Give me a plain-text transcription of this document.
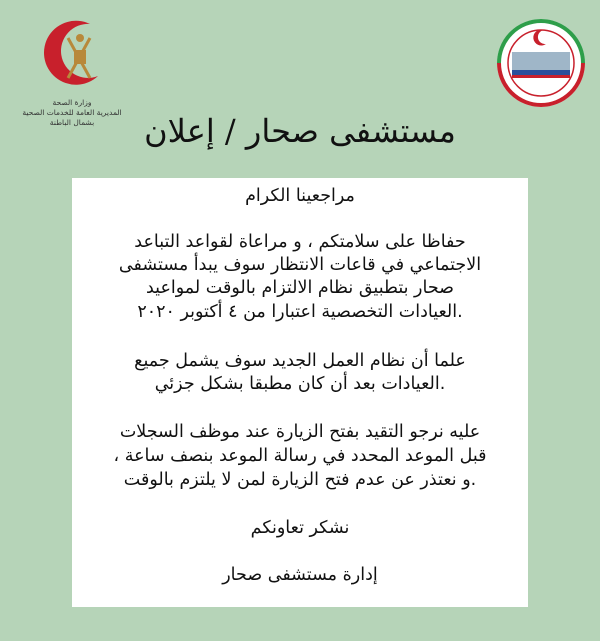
وزارة الصحة
المديرية العامة للخدمات الصحية
بشمال الباطنة	مستشفى صحار / إعلان
مراجعينا الكرام
حفاظا على سلامتكم ، و مراعاة لقواعد التباعد
الاجتماعي في قاعات الانتظار سوف يبدأ مستشفى
صحار بتطبيق نظام الالتزام بالوقت لمواعيد
.العيادات التخصصية اعتبارا من ٤ أكتوبر ٢٠٢٠
علما أن نظام العمل الجديد سوف يشمل جميع
.العيادات بعد أن كان مطبقا بشكل جزئي
عليه نرجو التقيد بفتح الزيارة عند موظف السجلات
قبل الموعد المحدد في رسالة الموعد بنصف ساعة ،
.و نعتذر عن عدم فتح الزيارة لمن لا يلتزم بالوقت
نشكر تعاونكم
إدارة مستشفى صحار
